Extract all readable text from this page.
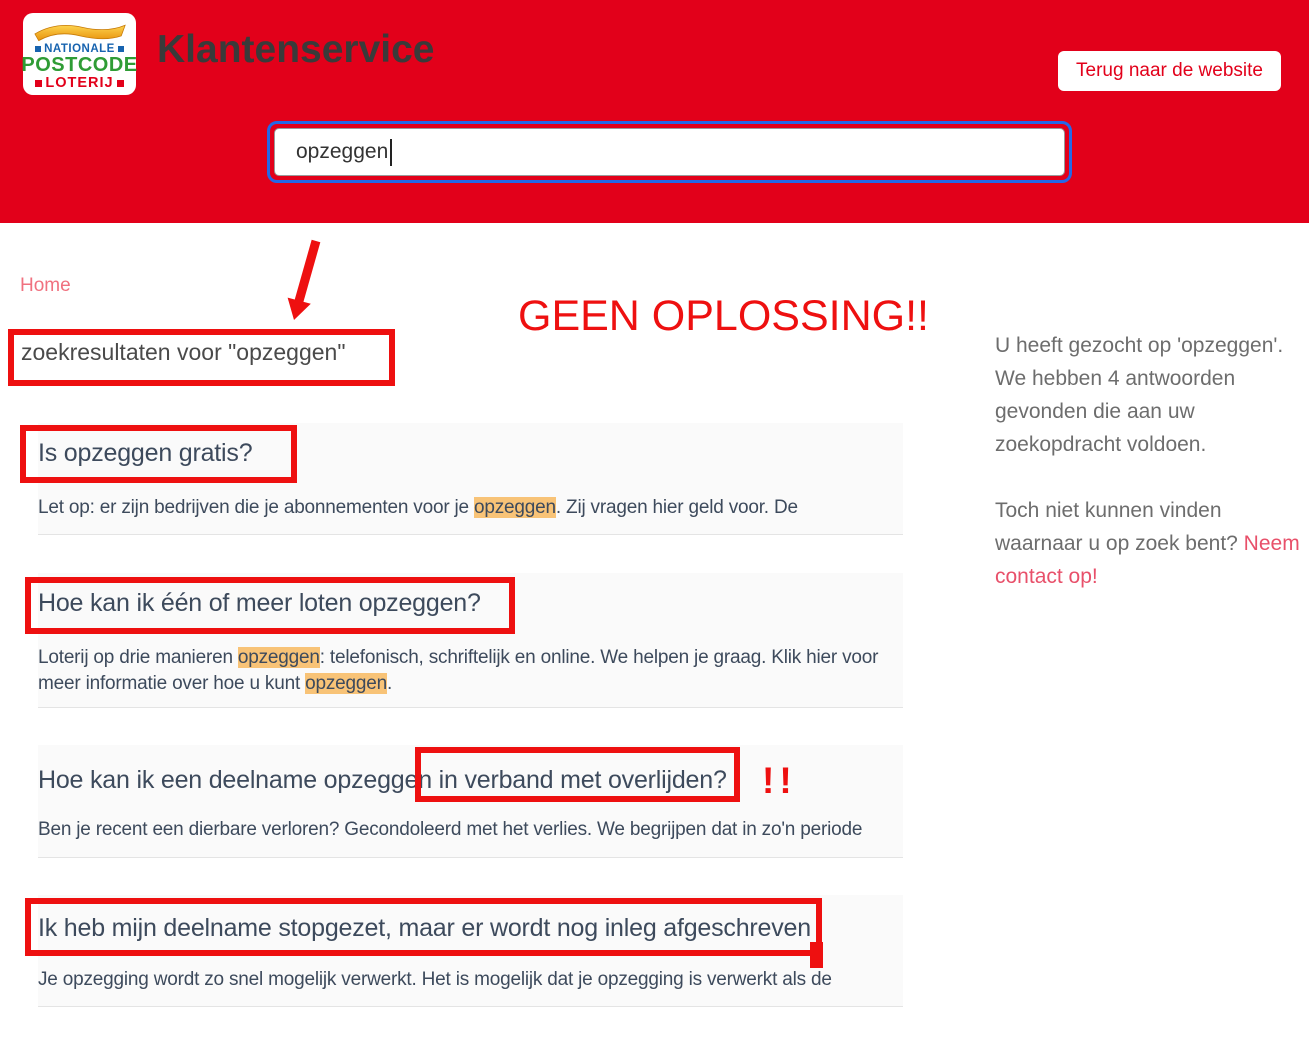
NATIONALE
POSTCODE
LOTERIJ
Klantenservice	Terug naar de website
opzeggen
Home
zoekresultaten voor "opzeggen"	U heeft gezocht op 'opzeggen'. We hebben 4 antwoorden gevonden die aan uw zoekopdracht voldoen.

Toch niet kunnen vinden waarnaar u op zoek bent? Neem contact op!

Is opzeggen gratis?
Let op: er zijn bedrijven die je abonnementen voor je opzeggen. Zij vragen hier geld voor. De
Hoe kan ik één of meer loten opzeggen?
Loterij op drie manieren opzeggen: telefonisch, schriftelijk en online. We helpen je graag. Klik hier voor meer informatie over hoe u kunt opzeggen.
Hoe kan ik een deelname opzeggen in verband met overlijden?
Ben je recent een dierbare verloren? Gecondoleerd met het verlies. We begrijpen dat in zo'n periode
Ik heb mijn deelname stopgezet, maar er wordt nog inleg afgeschreven
Je opzegging wordt zo snel mogelijk verwerkt. Het is mogelijk dat je opzegging is verwerkt als de
GEEN OPLOSSING!!
!!
